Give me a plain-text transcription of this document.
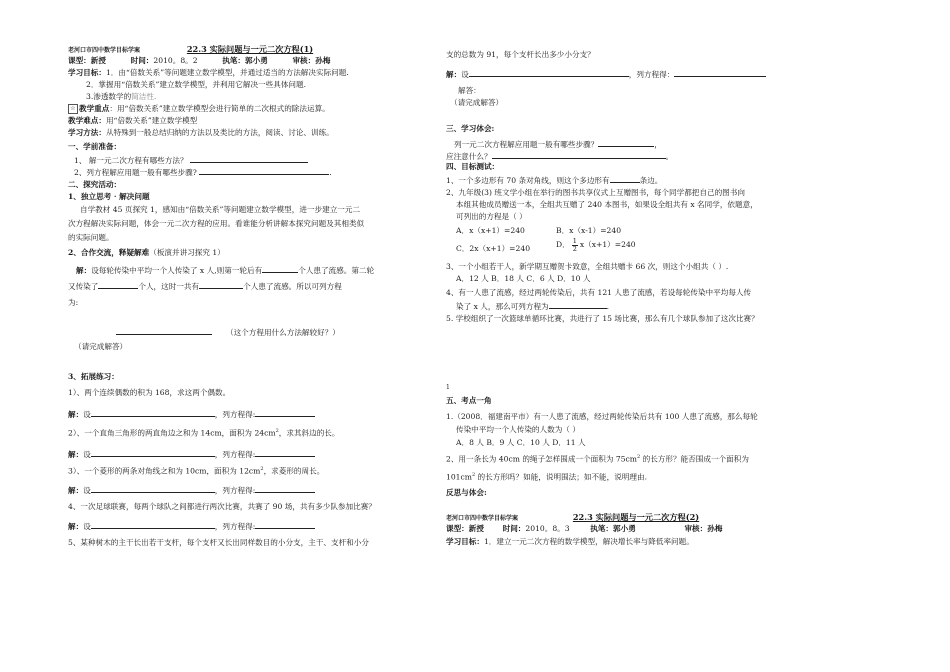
老河口市四中数学目标学案	22.3 实际问题与一元二次方程(1)
课型：新授	时间：2010。8。2	执笔：郭小勇	审核：孙梅
学习目标：1．由“倍数关系”等问题建立数学模型，并通过适当的方法解决实际问题.
2．掌握用“倍数关系”建立数学模型，并利用它解决一些具体问题.
3.渗透数学的简洁性.
☆ 教学重点：用“倍数关系”建立数学模型会进行简单的二次根式的除法运算。
教学难点：用“倍数关系”建立数学模型
学习方法：从特殊到一般总结归纳的方法以及类比的方法，阅读、讨论、训练。
一、学前准备：
1、 解一元二次方程有哪些方法？
2、列方程解应用题一般有哪些步骤?	.
二、探究活动：
1、独立思考 · 解决问题
自学教材 45 页探究 1，感知由“倍数关系”等问题建立数学模型，进一步建立一元二
次方程解决实际问题，体会一元二次方程的应用。看谁能分析讲解本探究问题及其相类似
的实际问题。
2、合作交流，释疑解难（板演并讲习探究 1）
解：设每轮传染中平均一个人传染了 x 人,则第一轮后有	个人患了流感。第二轮
又传染了	个人，这时一共有	个人患了流感。所以可列方程
为:
（这个方程用什么方法解较好？）
（请完成解答）
3、拓展练习：
1）、两个连续偶数的积为 168，求这两个偶数。
解：设	，列方程得:
2）、一个直角三角形的两直角边之和为 14cm，面积为 $24cm^2$，求其斜边的长。
解：设	，列方程得:
3）、一个菱形的两条对角线之和为 10cm，面积为 $12cm^2$，求菱形的周长。
解：设	，列方程得:
4、一次足球联赛，每两个球队之间都进行两次比赛，共赛了 90 场，共有多少队参加比赛？
解：设	，列方程得:
5、某种树木的主干长出若干支杆，每个支杆又长出同样数目的小分支，主干、支杆和小分
支的总数为 91，每个支杆长出多少小分支？
解：设	，列方程得：
解答：
（请完成解答）
三、学习体会:
列一元二次方程解应用题一般有哪些步骤？	，
应注意什么？	。
四、目标测试：
1、一个多边形有 70 条对角线，则这个多边形有	条边。
2、九年级(3) 班文学小组在举行的图书共享仪式上互赠图书，每个同学都把自己的图书向
本组其他成员赠送一本，全组共互赠了 240 本图书，如果设全组共有 x 名同学，依题意，
可列出的方程是（ ）
A．x（x+1）=240	B．x（x-1）=240
C．2x（x+1）=240	D． $\frac{1}{2} x(x+1)=240$
3、一个小组若干人，新学期互赠贺卡致意，全组共赠卡 66 次，则这个小组共（ ）.
A．12 人 B．18 人 C．6 人 D．10 人
4、有一人患了流感，经过两轮传染后，共有 121 人患了流感，若设每轮传染中平均每人传
染了 x 人，那么可列方程为	.
5. 学校组织了一次篮球单循环比赛，共进行了 15 场比赛，那么有几个球队参加了这次比赛？
1
五、考点一角
1.（2008．福建南平市）有一人患了流感，经过两轮传染后共有 100 人患了流感，那么每轮
传染中平均一个人传染的人数为（ ）
A．8 人 B．9 人 C．10 人 D．11 人
2、用一条长为 40cm 的绳子怎样围成一个面积为 $75cm^2$ 的长方形？能否围成一个面积为
$101cm^2$ 的长方形吗？如能，说明围法；如不能，说明理由.
反思与体会:
老河口市四中数学目标学案	22.3 实际问题与一元二次方程(2)
课型：新授 时间：2010。8。3	执笔：郭小勇	审核：孙梅
学习目标：1．建立一元二次方程的数学模型，解决增长率与降低率问题。
